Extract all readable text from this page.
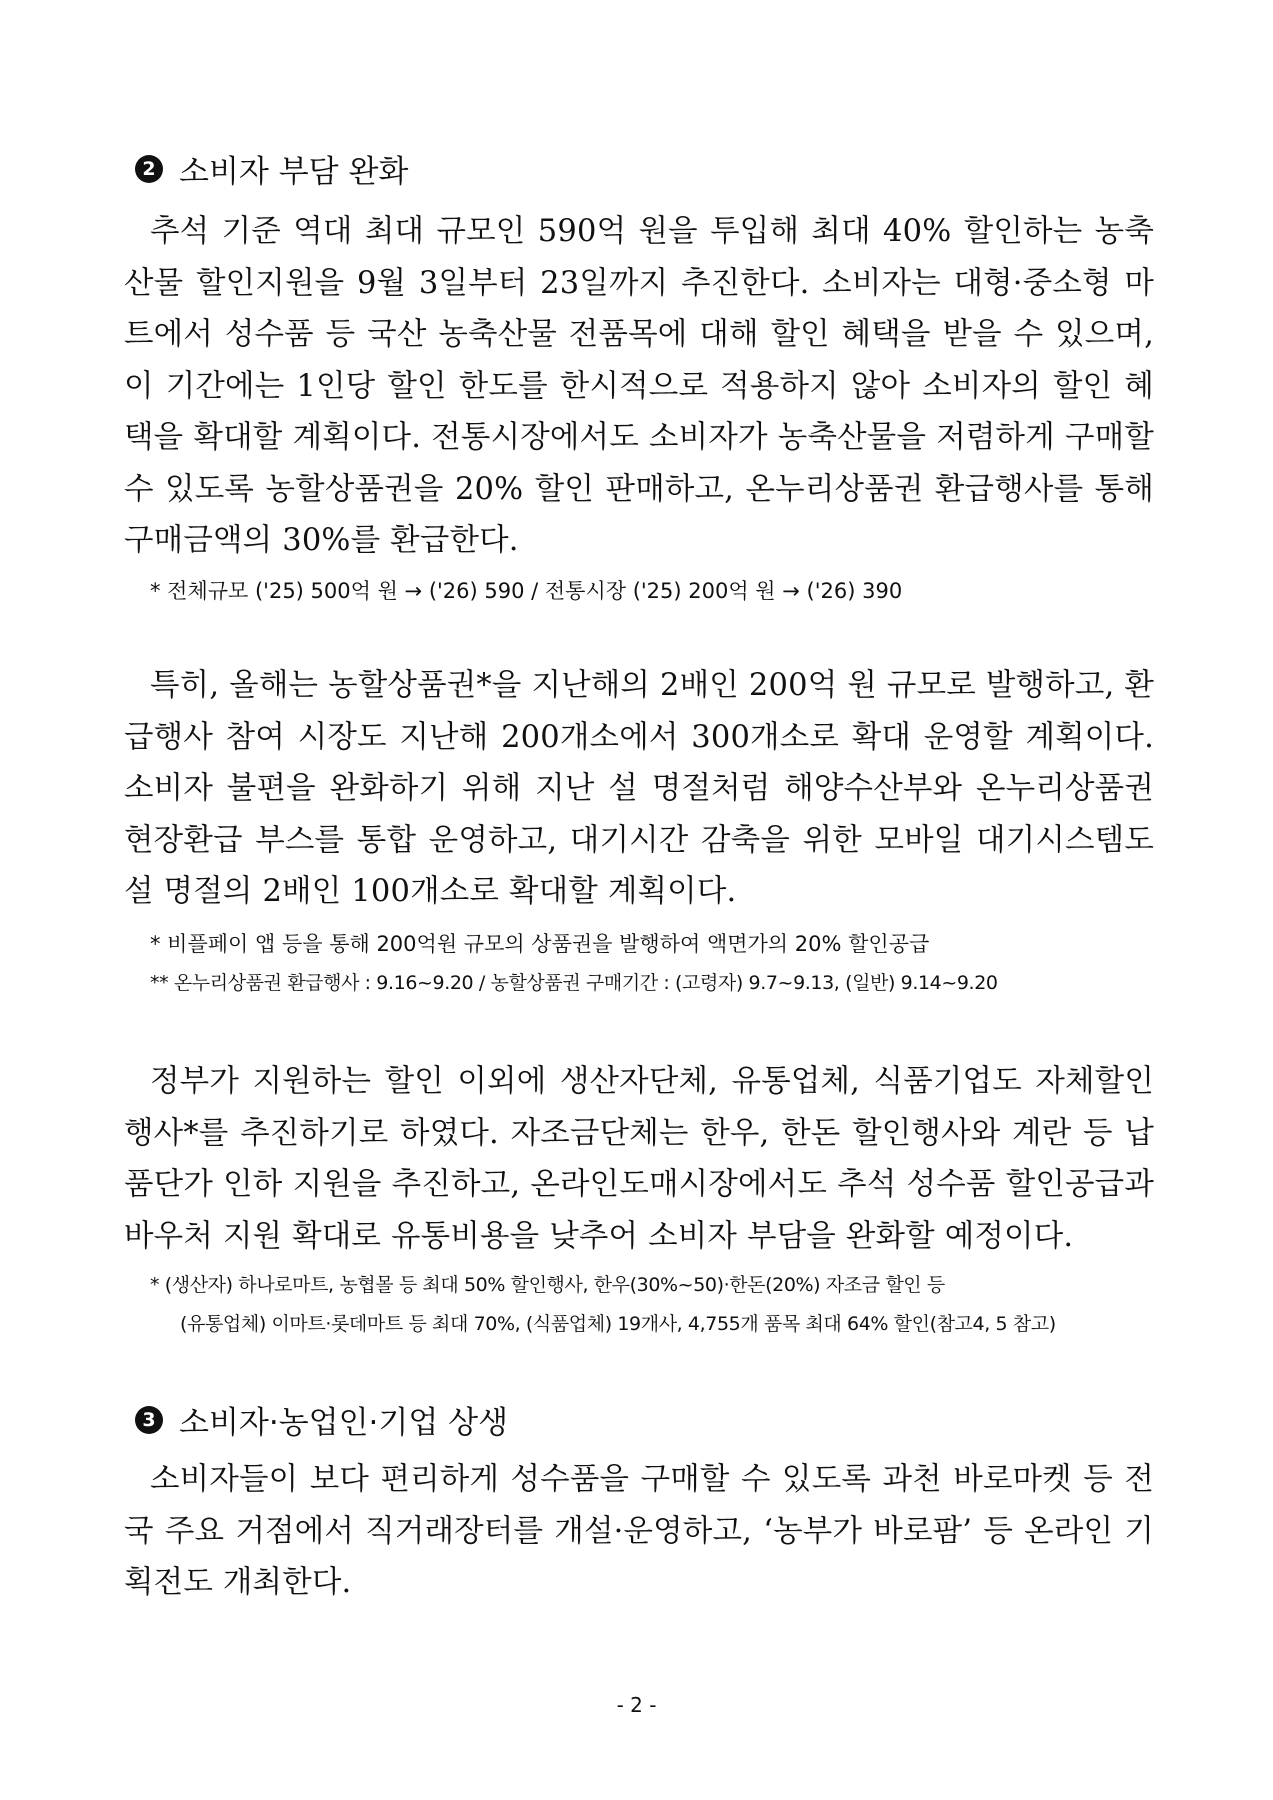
2 소비자 부담 완화

추석 기준 역대 최대 규모인 590억 원을 투입해 최대 40% 할인하는 농축산물 할인지원을 9월 3일부터 23일까지 추진한다. 소비자는 대형·중소형 마트에서 성수품 등 국산 농축산물 전품목에 대해 할인 혜택을 받을 수 있으며, 이 기간에는 1인당 할인 한도를 한시적으로 적용하지 않아 소비자의 할인 혜택을 확대할 계획이다. 전통시장에서도 소비자가 농축산물을 저렴하게 구매할 수 있도록 농할상품권을 20% 할인 판매하고, 온누리상품권 환급행사를 통해 구매금액의 30%를 환급한다.

* 전체규모 ('25) 500억 원 → ('26) 590 / 전통시장 ('25) 200억 원 → ('26) 390

특히, 올해는 농할상품권*을 지난해의 2배인 200억 원 규모로 발행하고, 환급행사 참여 시장도 지난해 200개소에서 300개소로 확대 운영할 계획이다. 소비자 불편을 완화하기 위해 지난 설 명절처럼 해양수산부와 온누리상품권 현장환급 부스를 통합 운영하고, 대기시간 감축을 위한 모바일 대기시스템도 설 명절의 2배인 100개소로 확대할 계획이다.

* 비플페이 앱 등을 통해 200억원 규모의 상품권을 발행하여 액면가의 20% 할인공급
** 온누리상품권 환급행사 : 9.16~9.20 / 농할상품권 구매기간 : (고령자) 9.7~9.13, (일반) 9.14~9.20

정부가 지원하는 할인 이외에 생산자단체, 유통업체, 식품기업도 자체할인 행사*를 추진하기로 하였다. 자조금단체는 한우, 한돈 할인행사와 계란 등 납품단가 인하 지원을 추진하고, 온라인도매시장에서도 추석 성수품 할인공급과 바우처 지원 확대로 유통비용을 낮추어 소비자 부담을 완화할 예정이다.

* (생산자) 하나로마트, 농협몰 등 최대 50% 할인행사, 한우(30%~50)·한돈(20%) 자조금 할인 등
(유통업체) 이마트·롯데마트 등 최대 70%, (식품업체) 19개사, 4,755개 품목 최대 64% 할인(참고4, 5 참고)
3 소비자·농업인·기업 상생

소비자들이 보다 편리하게 성수품을 구매할 수 있도록 과천 바로마켓 등 전국 주요 거점에서 직거래장터를 개설·운영하고, ‘농부가 바로팜’ 등 온라인 기획전도 개최한다.

- 2 -
